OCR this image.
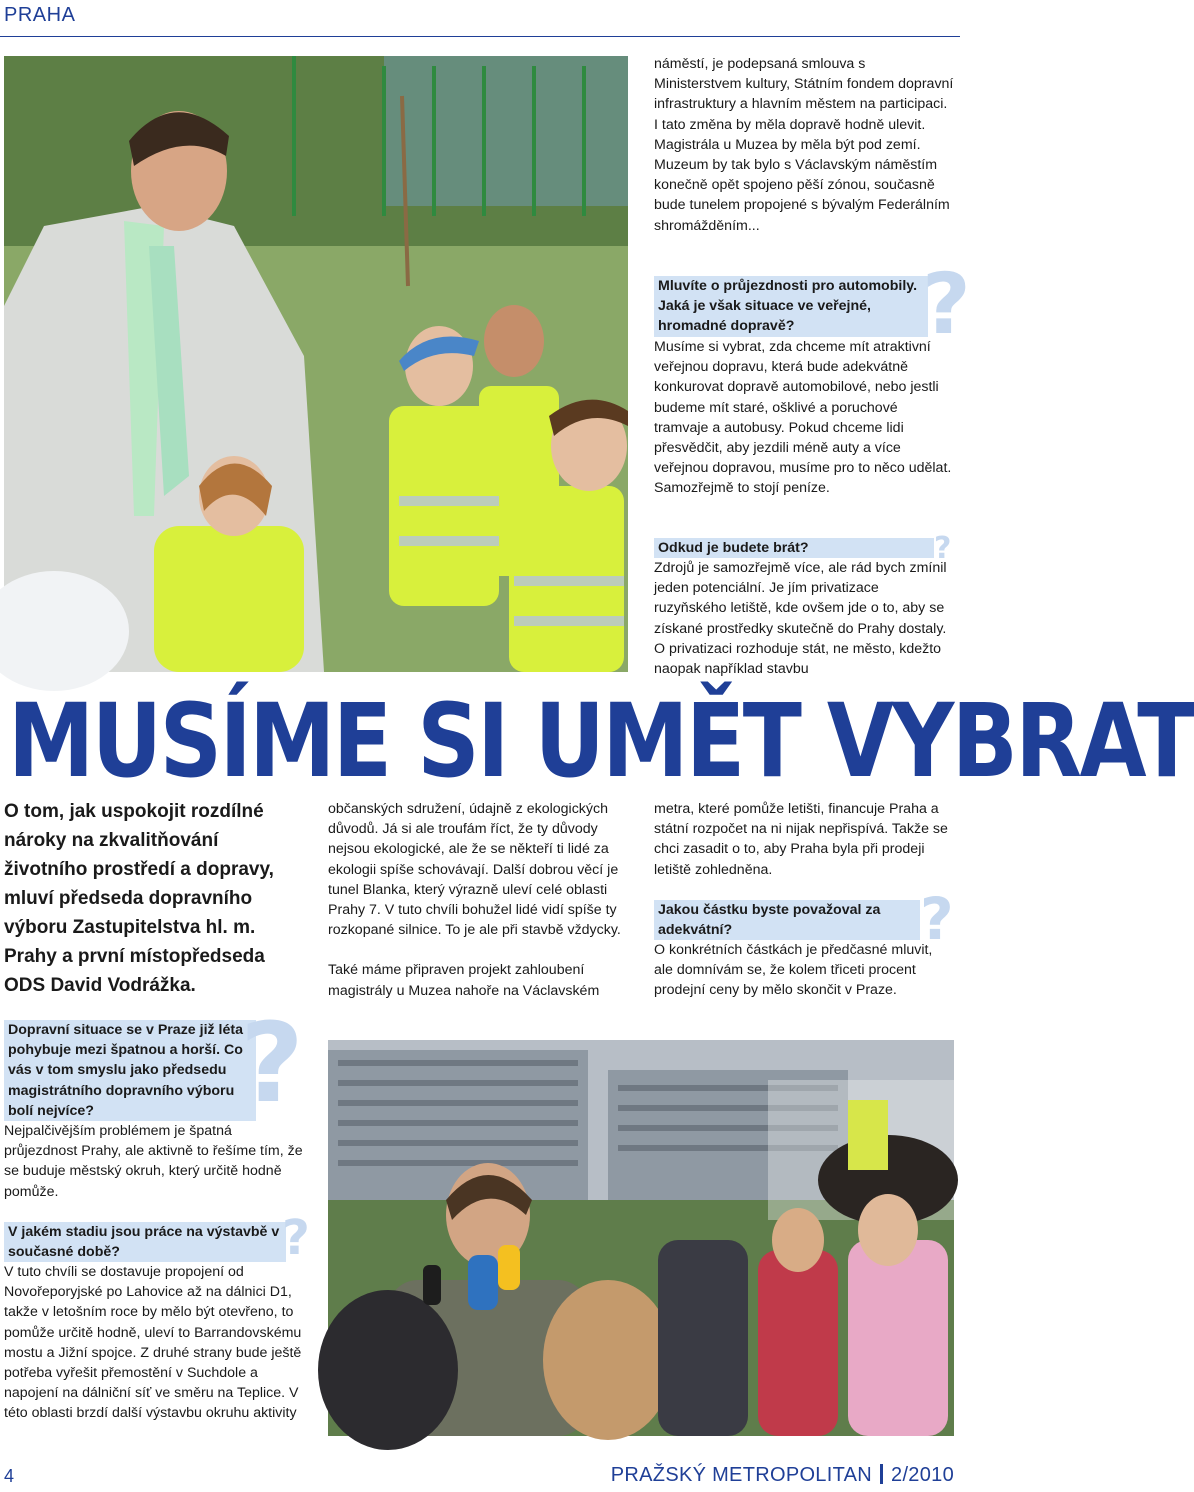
PRAHA

náměstí, je podepsaná smlouva s Ministerstvem kultury, Státním fondem dopravní infrastruktury a hlavním městem na participaci. I tato změna by měla dopravě hodně ulevit. Magistrála u Muzea by měla být pod zemí. Muzeum by tak bylo s Václavským náměstím konečně opět spojeno pěší zónou, současně bude tunelem propojené s bývalým Federálním shromážděním...

Mluvíte o průjezdnosti pro automobily. Jaká je však situace ve veřejné, hromadné dopravě?	?

Musíme si vybrat, zda chceme mít atraktivní veřejnou dopravu, která bude adekvátně konkurovat dopravě automobilové, nebo jestli budeme mít staré, ošklivé a poruchové tramvaje a autobusy. Pokud chceme lidi přesvědčit, aby jezdili méně auty a více veřejnou dopravou, musíme pro to něco udělat. Samozřejmě to stojí peníze.

Odkud je budete brát?	?

Zdrojů je samozřejmě více, ale rád bych zmínil jeden potenciální. Je jím privatizace ruzyňského letiště, kde ovšem jde o to, aby se získané prostředky skutečně do Prahy dostaly. O privatizaci rozhoduje stát, ne město, kdežto naopak například stavbu

MUSÍME SI UMĚT VYBRAT
O tom, jak uspokojit rozdílné nároky na zkvalitňování životního prostředí a dopravy, mluví předseda dopravního výboru Zastupitelstva hl. m. Prahy a první místopředseda ODS David Vodrážka.
Dopravní situace se v Praze již léta pohybuje mezi špatnou a horší. Co vás v tom smyslu jako předsedu magistrátního dopravního výboru bolí nejvíce?	?

Nejpalčivějším problémem je špatná průjezdnost Prahy, ale aktivně to řešíme tím, že se buduje městský okruh, který určitě hodně pomůže.

V jakém stadiu jsou práce na výstavbě v současné době?	?

V tuto chvíli se dostavuje propojení od Novořeporyjské po Lahovice až na dálnici D1, takže v letošním roce by mělo být otevřeno, to pomůže určitě hodně, uleví to Barrandovskému mostu a Jižní spojce. Z druhé strany bude ještě potřeba vyřešit přemostění v Suchdole a napojení na dálniční síť ve směru na Teplice. V této oblasti brzdí další výstavbu okruhu aktivity

občanských sdružení, údajně z ekologických důvodů. Já si ale troufám říct, že ty důvody nejsou ekologické, ale že se někteří ti lidé za ekologii spíše schovávají. Další dobrou věcí je tunel Blanka, který výrazně uleví celé oblasti Prahy 7. V tuto chvíli bohužel lidé vidí spíše ty rozkopané silnice. To je ale při stavbě vždycky.

Také máme připraven projekt zahloubení magistrály u Muzea nahoře na Václavském

metra, které pomůže letišti, financuje Praha a státní rozpočet na ni nijak nepřispívá. Takže se chci zasadit o to, aby Praha byla při prodeji letiště zohledněna.

Jakou částku byste považoval za adekvátní?	?

O konkrétních částkách je předčasné mluvit, ale domnívám se, že kolem třiceti procent prodejní ceny by mělo skončit v Praze.

4	PRAŽSKÝ METROPOLITAN 2/2010
